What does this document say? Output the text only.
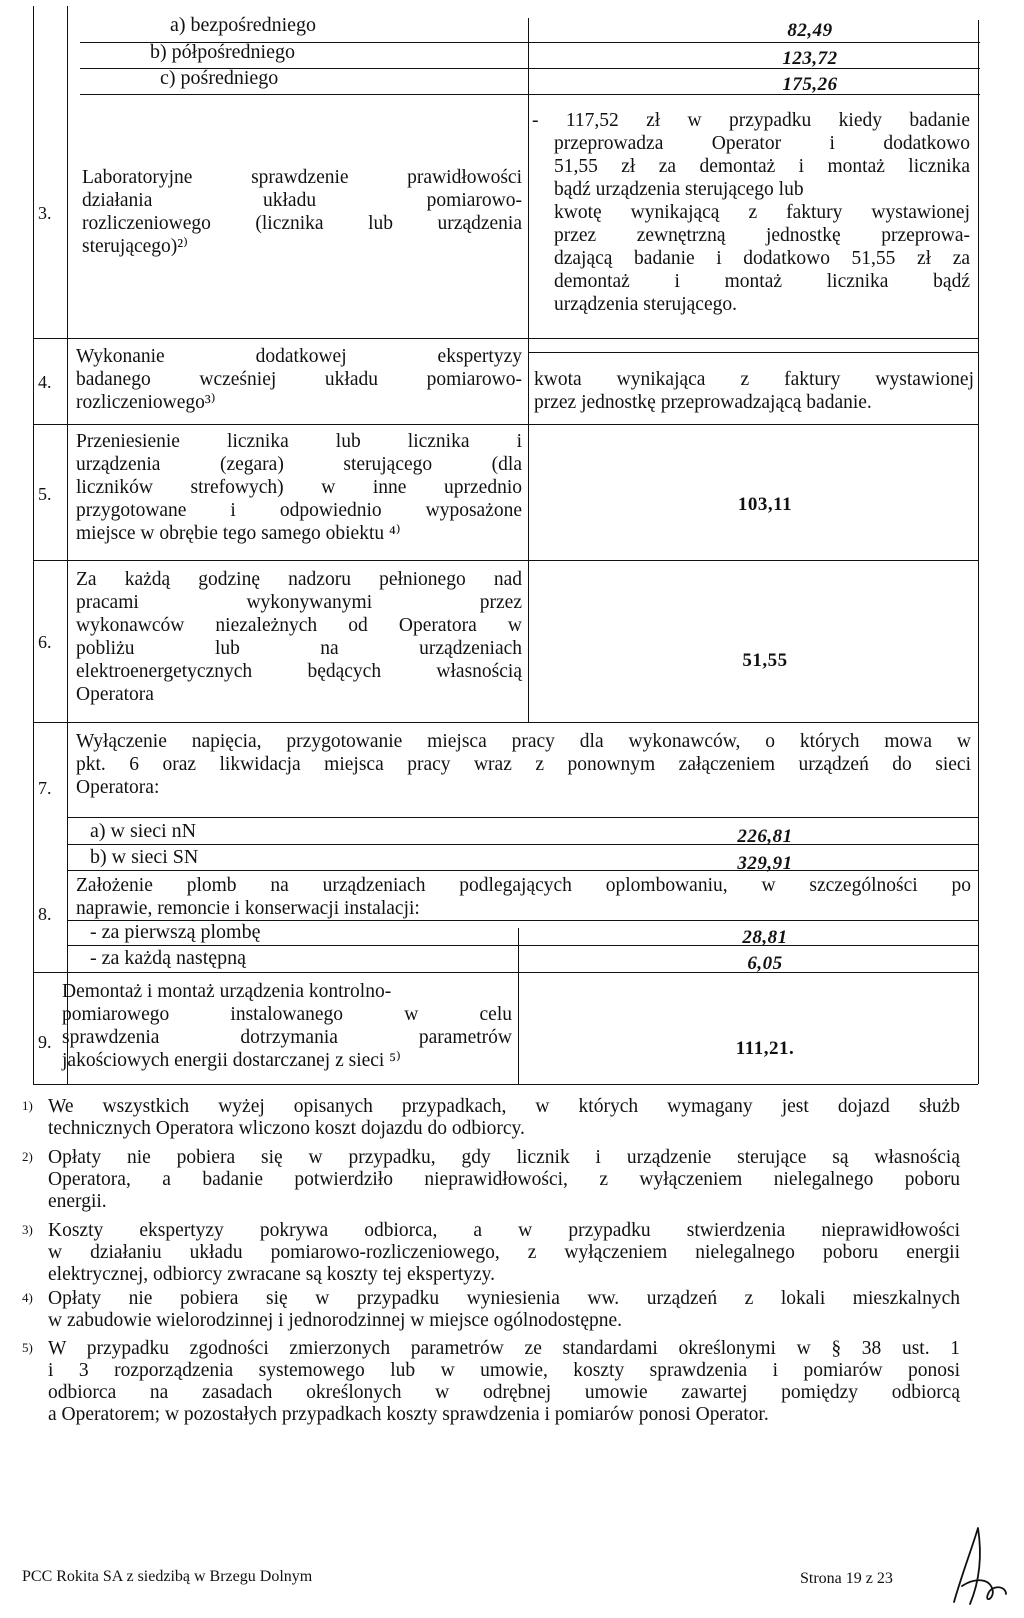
a) bezpośredniego
b) półpośredniego
c) pośredniego
82,49
123,72
175,26
3.
Laboratoryjne sprawdzenie prawidłowości
działania układu pomiarowo-
rozliczeniowego (licznika lub urządzenia
sterującego)²⁾
- 117,52 zł w przypadku kiedy badanie
przeprowadza Operator i dodatkowo
51,55 zł za demontaż i montaż licznika
bądź urządzenia sterującego lub
kwotę wynikającą z faktury wystawionej
przez zewnętrzną jednostkę przeprowa-
dzającą badanie i dodatkowo 51,55 zł za
demontaż i montaż licznika bądź
urządzenia sterującego.
4.
Wykonanie dodatkowej ekspertyzy
badanego wcześniej układu pomiarowo-
rozliczeniowego³⁾
kwota wynikająca z faktury wystawionej
przez jednostkę przeprowadzającą badanie.
5.
Przeniesienie licznika lub licznika i
urządzenia (zegara) sterującego (dla
liczników strefowych) w inne uprzednio
przygotowane i odpowiednio wyposażone
miejsce w obrębie tego samego obiektu ⁴⁾
103,11
6.
Za każdą godzinę nadzoru pełnionego nad
pracami wykonywanymi przez
wykonawców niezależnych od Operatora w
pobliżu lub na urządzeniach
elektroenergetycznych będących własnością
Operatora
51,55
7.
Wyłączenie napięcia, przygotowanie miejsca pracy dla wykonawców, o których mowa w
pkt. 6 oraz likwidacja miejsca pracy wraz z ponownym załączeniem urządzeń do sieci
Operatora:
a) w sieci nN
b) w sieci SN
226,81
329,91
8.
Założenie plomb na urządzeniach podlegających oplombowaniu, w szczególności po
naprawie, remoncie i konserwacji instalacji:
- za pierwszą plombę
- za każdą następną
28,81
6,05
9.
Demontaż i montaż urządzenia kontrolno-
pomiarowego instalowanego w celu
sprawdzenia dotrzymania parametrów
jakościowych energii dostarczanej z sieci ⁵⁾
111,21.
1) We wszystkich wyżej opisanych przypadkach, w których wymagany jest dojazd służb
technicznych Operatora wliczono koszt dojazdu do odbiorcy.
2) Opłaty nie pobiera się w przypadku, gdy licznik i urządzenie sterujące są własnością
Operatora, a badanie potwierdziło nieprawidłowości, z wyłączeniem nielegalnego poboru
energii.
3) Koszty ekspertyzy pokrywa odbiorca, a w przypadku stwierdzenia nieprawidłowości
w działaniu układu pomiarowo-rozliczeniowego, z wyłączeniem nielegalnego poboru energii
elektrycznej, odbiorcy zwracane są koszty tej ekspertyzy.
4) Opłaty nie pobiera się w przypadku wyniesienia ww. urządzeń z lokali mieszkalnych
w zabudowie wielorodzinnej i jednorodzinnej w miejsce ogólnodostępne.
5) W przypadku zgodności zmierzonych parametrów ze standardami określonymi w § 38 ust. 1
i 3 rozporządzenia systemowego lub w umowie, koszty sprawdzenia i pomiarów ponosi
odbiorca na zasadach określonych w odrębnej umowie zawartej pomiędzy odbiorcą
a Operatorem; w pozostałych przypadkach koszty sprawdzenia i pomiarów ponosi Operator.
PCC Rokita SA z siedzibą w Brzegu Dolnym	Strona 19 z 23
